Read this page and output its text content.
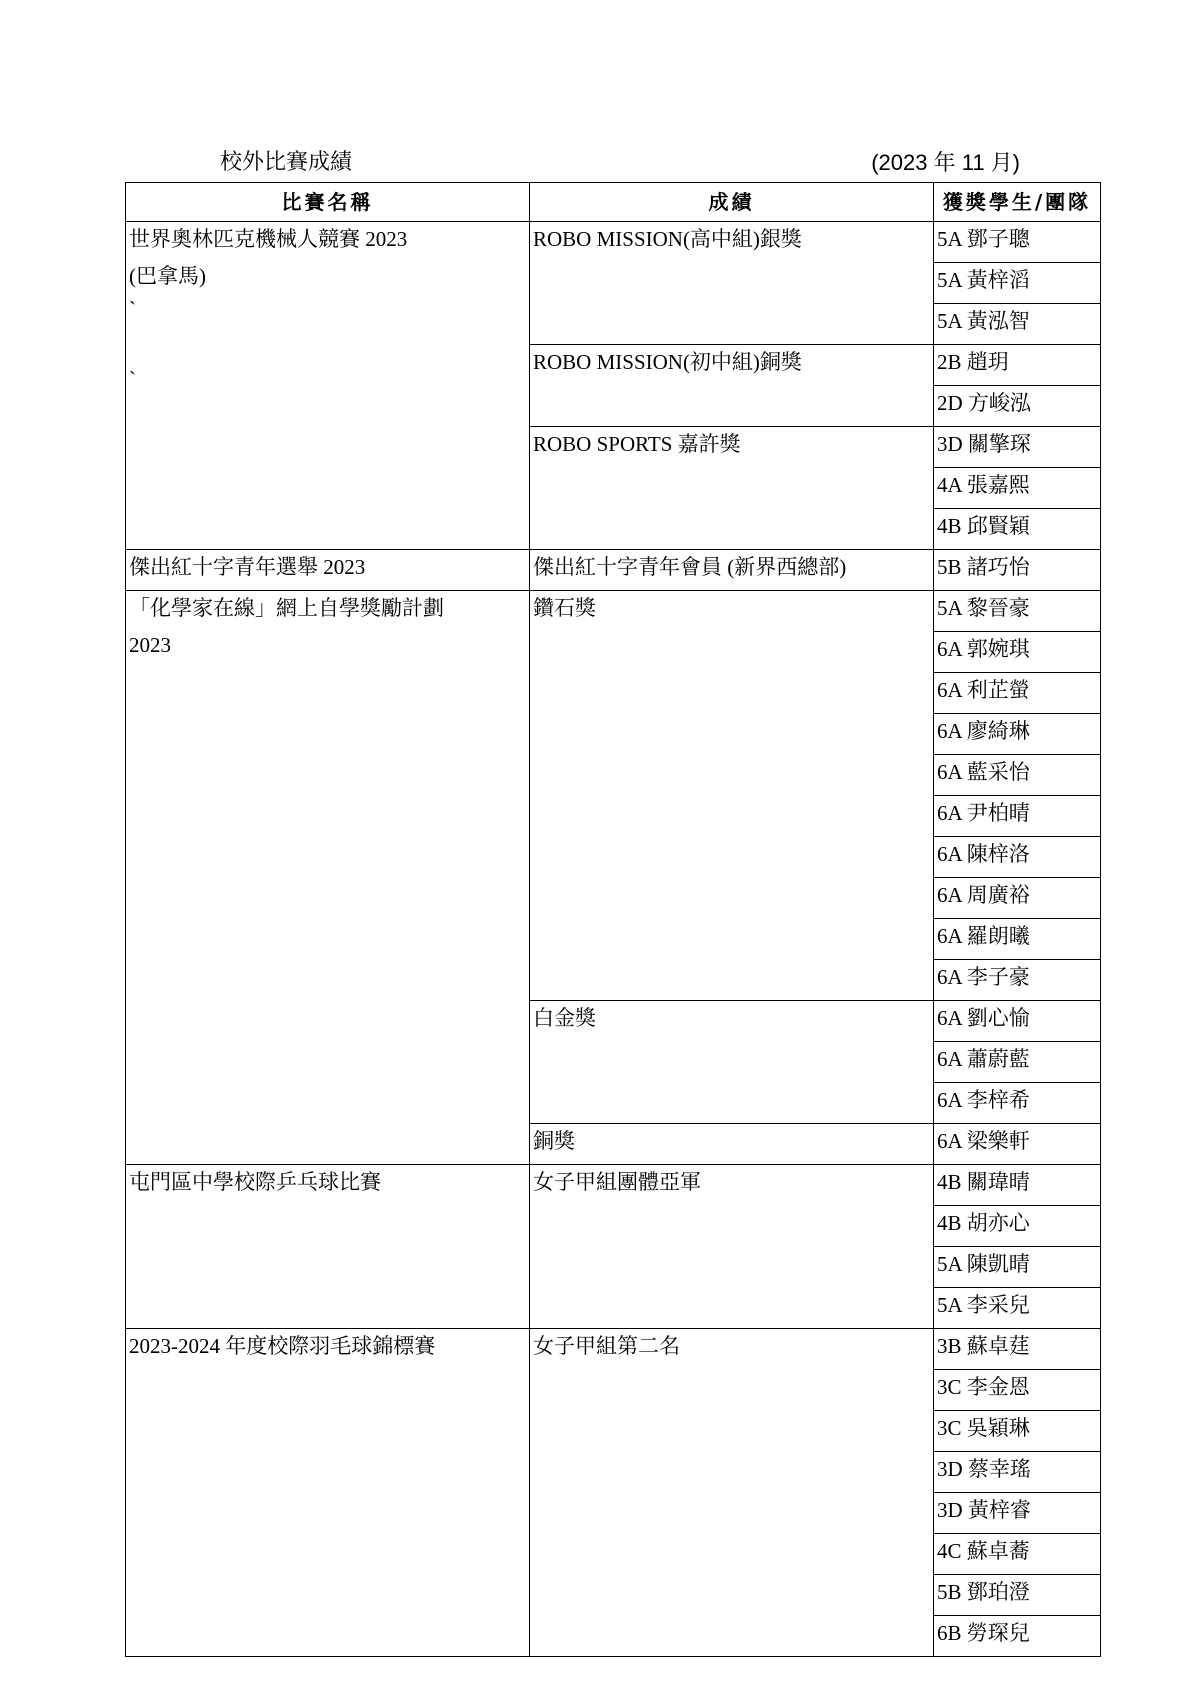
校外比賽成績	(2023 年 11 月)
比賽名稱	成績	獲獎學生/團隊

世界奧林匹克機械人競賽 2023
(巴拿馬)
`
`	ROBO MISSION(高中組)銀獎	5A 鄧子聰
		5A 黃梓滔
		5A 黃泓智

	ROBO MISSION(初中組)銅獎	2B 趙玥
		2D 方峻泓

	ROBO SPORTS 嘉許獎	3D 關擎琛
		4A 張嘉熙
		4B 邱賢穎

傑出紅十字青年選舉 2023	傑出紅十字青年會員 (新界西總部)	5B 諸巧怡

「化學家在線」網上自學獎勵計劃
2023	鑽石獎	5A 黎晉豪
		6A 郭婉琪
		6A 利芷螢
		6A 廖綺琳
		6A 藍采怡
		6A 尹柏晴
		6A 陳梓洛
		6A 周廣裕
		6A 羅朗曦
		6A 李子豪

	白金獎	6A 劉心愉
		6A 蕭蔚藍
		6A 李梓希

	銅獎	6A 梁樂軒

屯門區中學校際乒乓球比賽	女子甲組團體亞軍	4B 關瑋晴
		4B 胡亦心
		5A 陳凱晴
		5A 李采兒

2023-2024 年度校際羽毛球錦標賽	女子甲組第二名	3B 蘇卓莛
		3C 李金恩
		3C 吳穎琳
		3D 蔡幸瑤
		3D 黃梓睿
		4C 蘇卓蕎
		5B 鄧珀澄
		6B 勞琛兒
